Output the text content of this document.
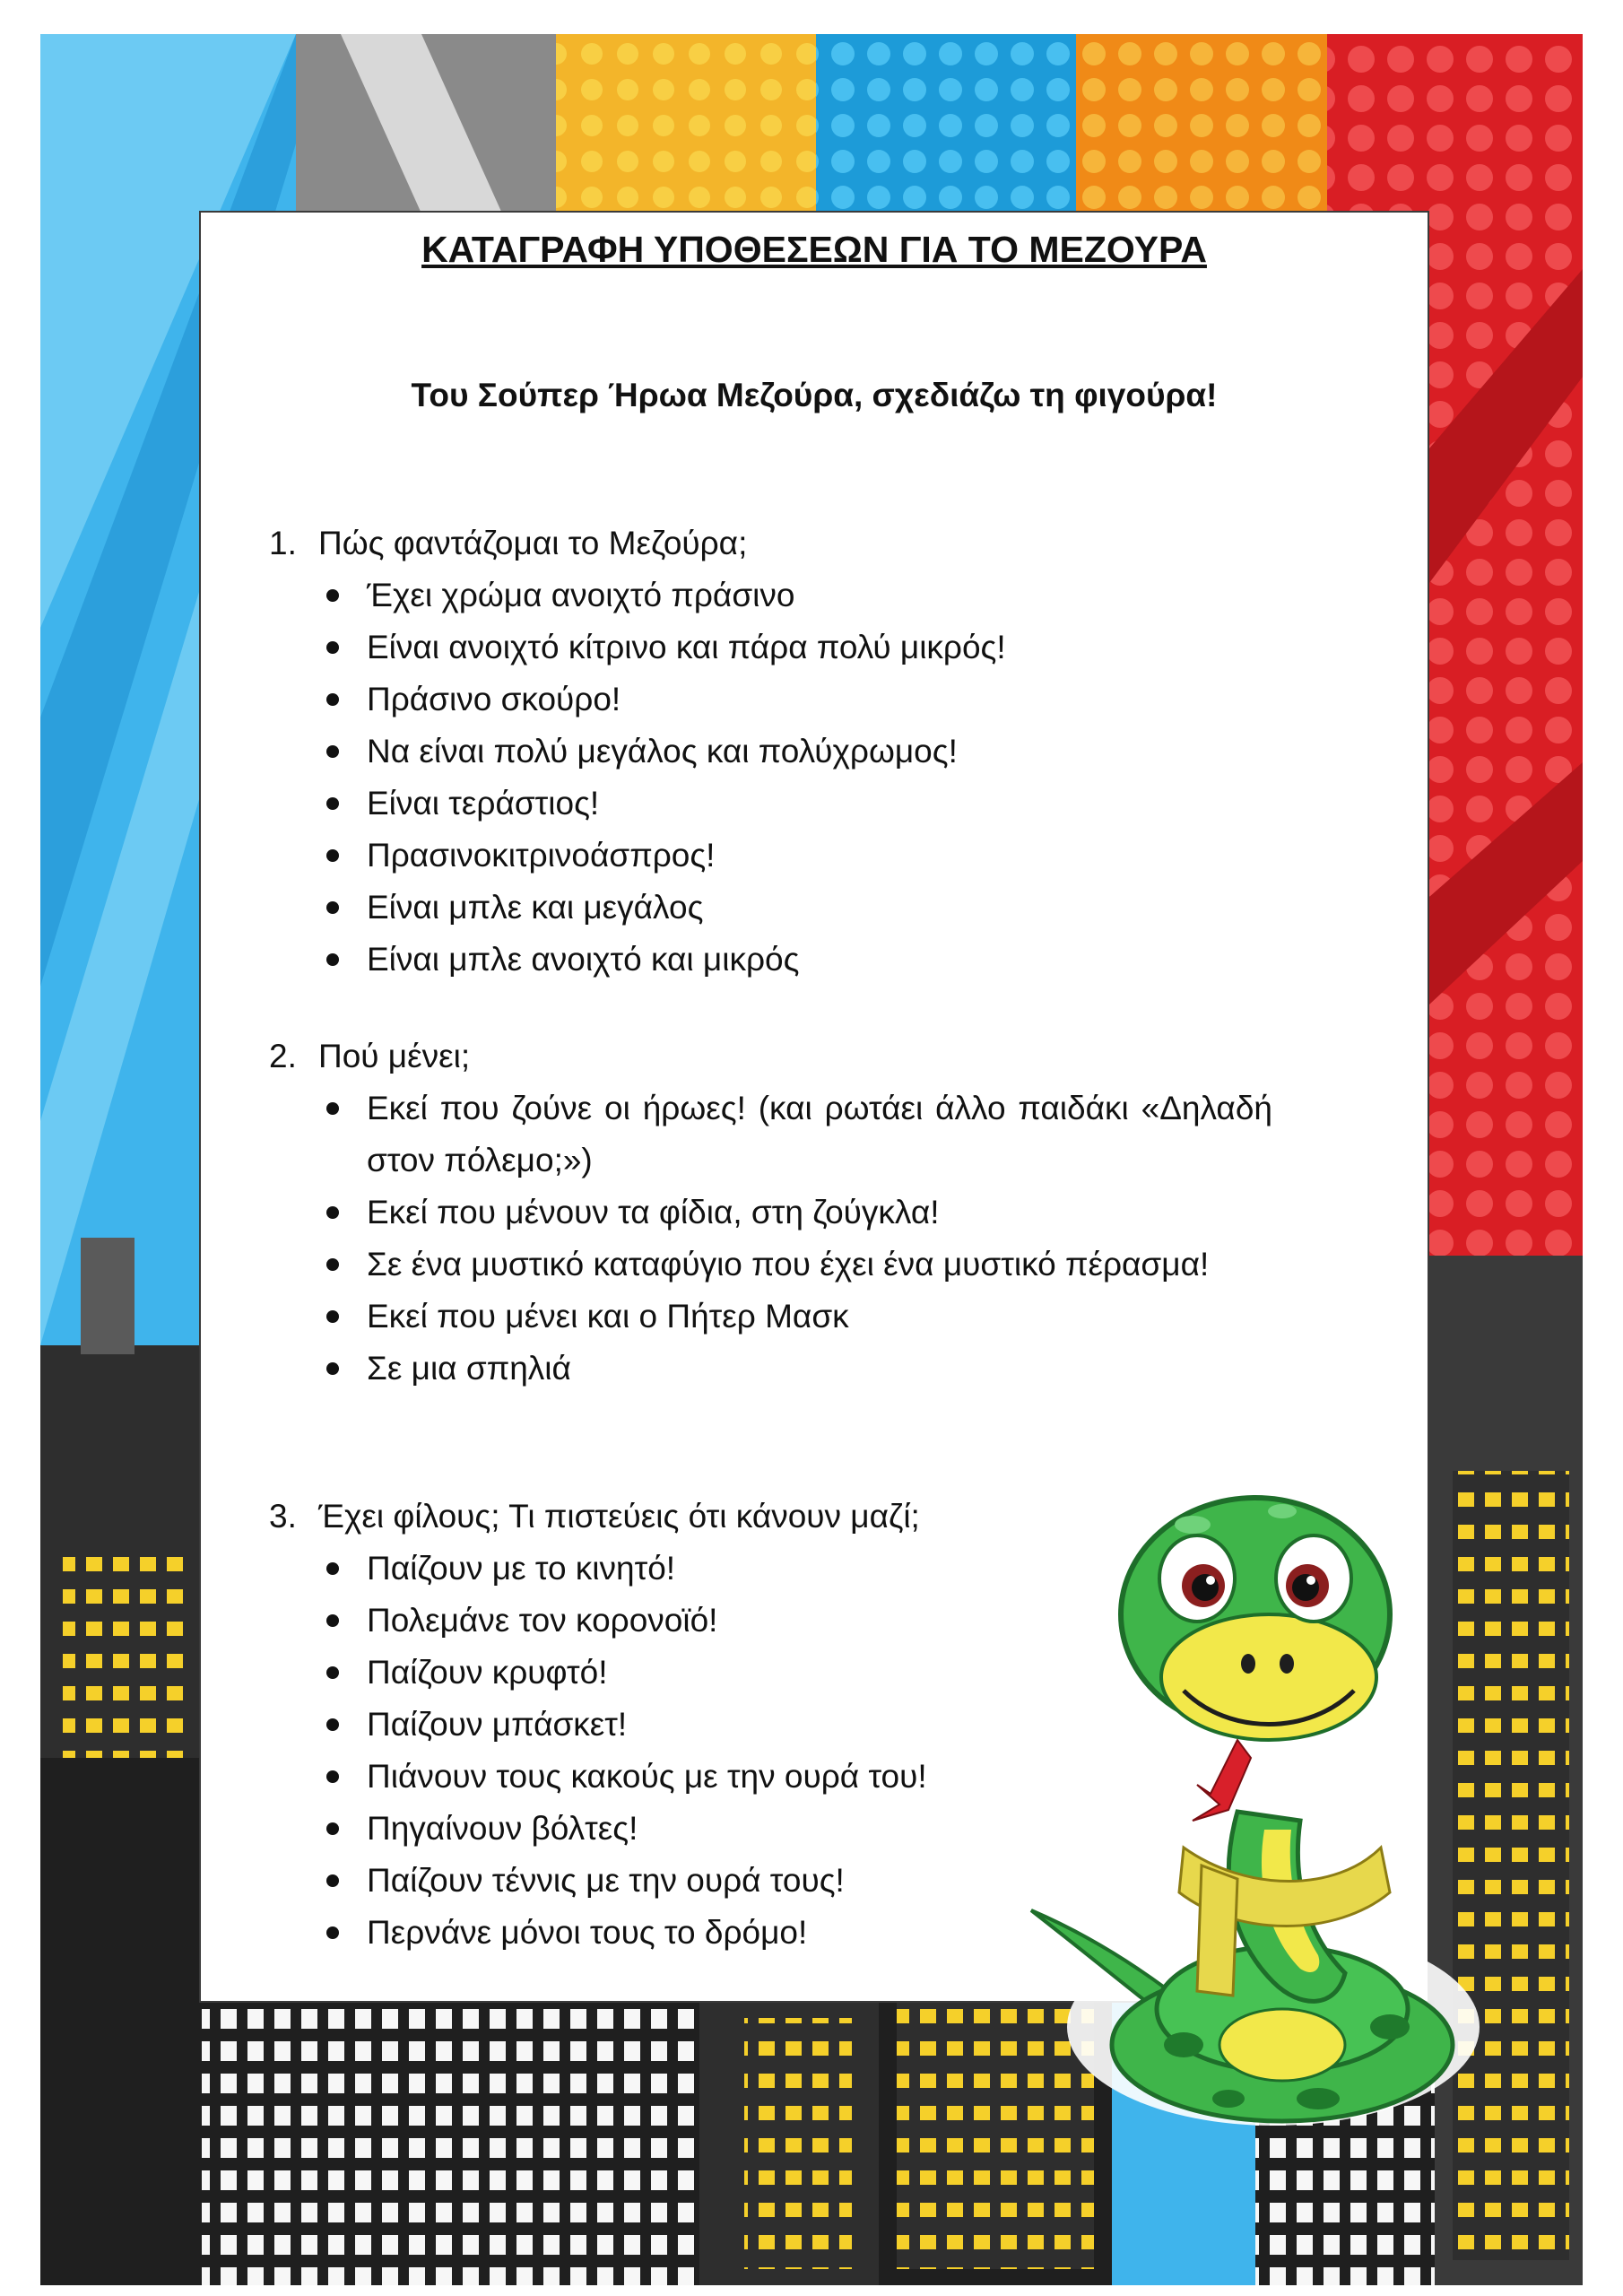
ΚΑΤΑΓΡΑΦΗ ΥΠΟΘΕΣΕΩΝ ΓΙΑ ΤΟ ΜΕΖΟΥΡΑ
Του Σούπερ Ήρωα Μεζούρα, σχεδιάζω τη φιγούρα!
1. Πώς φαντάζομαι το Μεζούρα;
Έχει χρώμα ανοιχτό πράσινο
Είναι ανοιχτό κίτρινο και πάρα πολύ μικρός!
Πράσινο σκούρο!
Να είναι πολύ μεγάλος και πολύχρωμος!
Είναι τεράστιος!
Πρασινοκιτρινοάσπρος!
Είναι μπλε και μεγάλος
Είναι μπλε ανοιχτό και μικρός
2. Πού μένει;
Εκεί που ζούνε οι ήρωες! (και ρωτάει άλλο παιδάκι «Δηλαδή στον πόλεμο;»)
Εκεί που μένουν τα φίδια, στη ζούγκλα!
Σε ένα μυστικό καταφύγιο που έχει ένα μυστικό πέρασμα!
Εκεί που μένει και ο Πήτερ Μασκ
Σε μια σπηλιά
3. Έχει φίλους; Τι πιστεύεις ότι κάνουν μαζί;
Παίζουν με το κινητό!
Πολεμάνε τον κορονοϊό!
Παίζουν κρυφτό!
Παίζουν μπάσκετ!
Πιάνουν τους κακούς με την ουρά του!
Πηγαίνουν βόλτες!
Παίζουν τέννις με την ουρά τους!
Περνάνε μόνοι τους το δρόμο!
